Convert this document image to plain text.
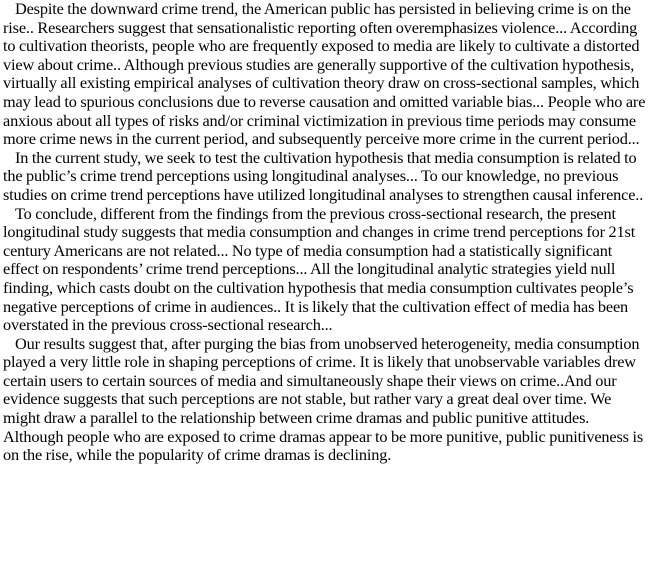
Despite the downward crime trend, the American public has persisted in believing crime is on the rise.. Researchers suggest that sensationalistic reporting often overemphasizes violence... According to cultivation theorists, people who are frequently exposed to media are likely to cultivate a distorted view about crime.. Although previous studies are generally supportive of the cultivation hypothesis, virtually all existing empirical analyses of cultivation theory draw on cross-sectional samples, which may lead to spurious conclusions due to reverse causation and omitted variable bias... People who are anxious about all types of risks and/or criminal victimization in previous time periods may consume more crime news in the current period, and subsequently perceive more crime in the current period...

In the current study, we seek to test the cultivation hypothesis that media consumption is related to the public’s crime trend perceptions using longitudinal analyses... To our knowledge, no previous studies on crime trend perceptions have utilized longitudinal analyses to strengthen causal inference..

To conclude, different from the findings from the previous cross-sectional research, the present longitudinal study suggests that media consumption and changes in crime trend perceptions for 21st century Americans are not related... No type of media consumption had a statistically significant effect on respondents’ crime trend perceptions... All the longitudinal analytic strategies yield null finding, which casts doubt on the cultivation hypothesis that media consumption cultivates people’s negative perceptions of crime in audiences.. It is likely that the cultivation effect of media has been overstated in the previous cross-sectional research...

Our results suggest that, after purging the bias from unobserved heterogeneity, media consumption played a very little role in shaping perceptions of crime. It is likely that unobservable variables drew certain users to certain sources of media and simultaneously shape their views on crime..And our evidence suggests that such perceptions are not stable, but rather vary a great deal over time. We might draw a parallel to the relationship between crime dramas and public punitive attitudes. Although people who are exposed to crime dramas appear to be more punitive, public punitiveness is on the rise, while the popularity of crime dramas is declining.
